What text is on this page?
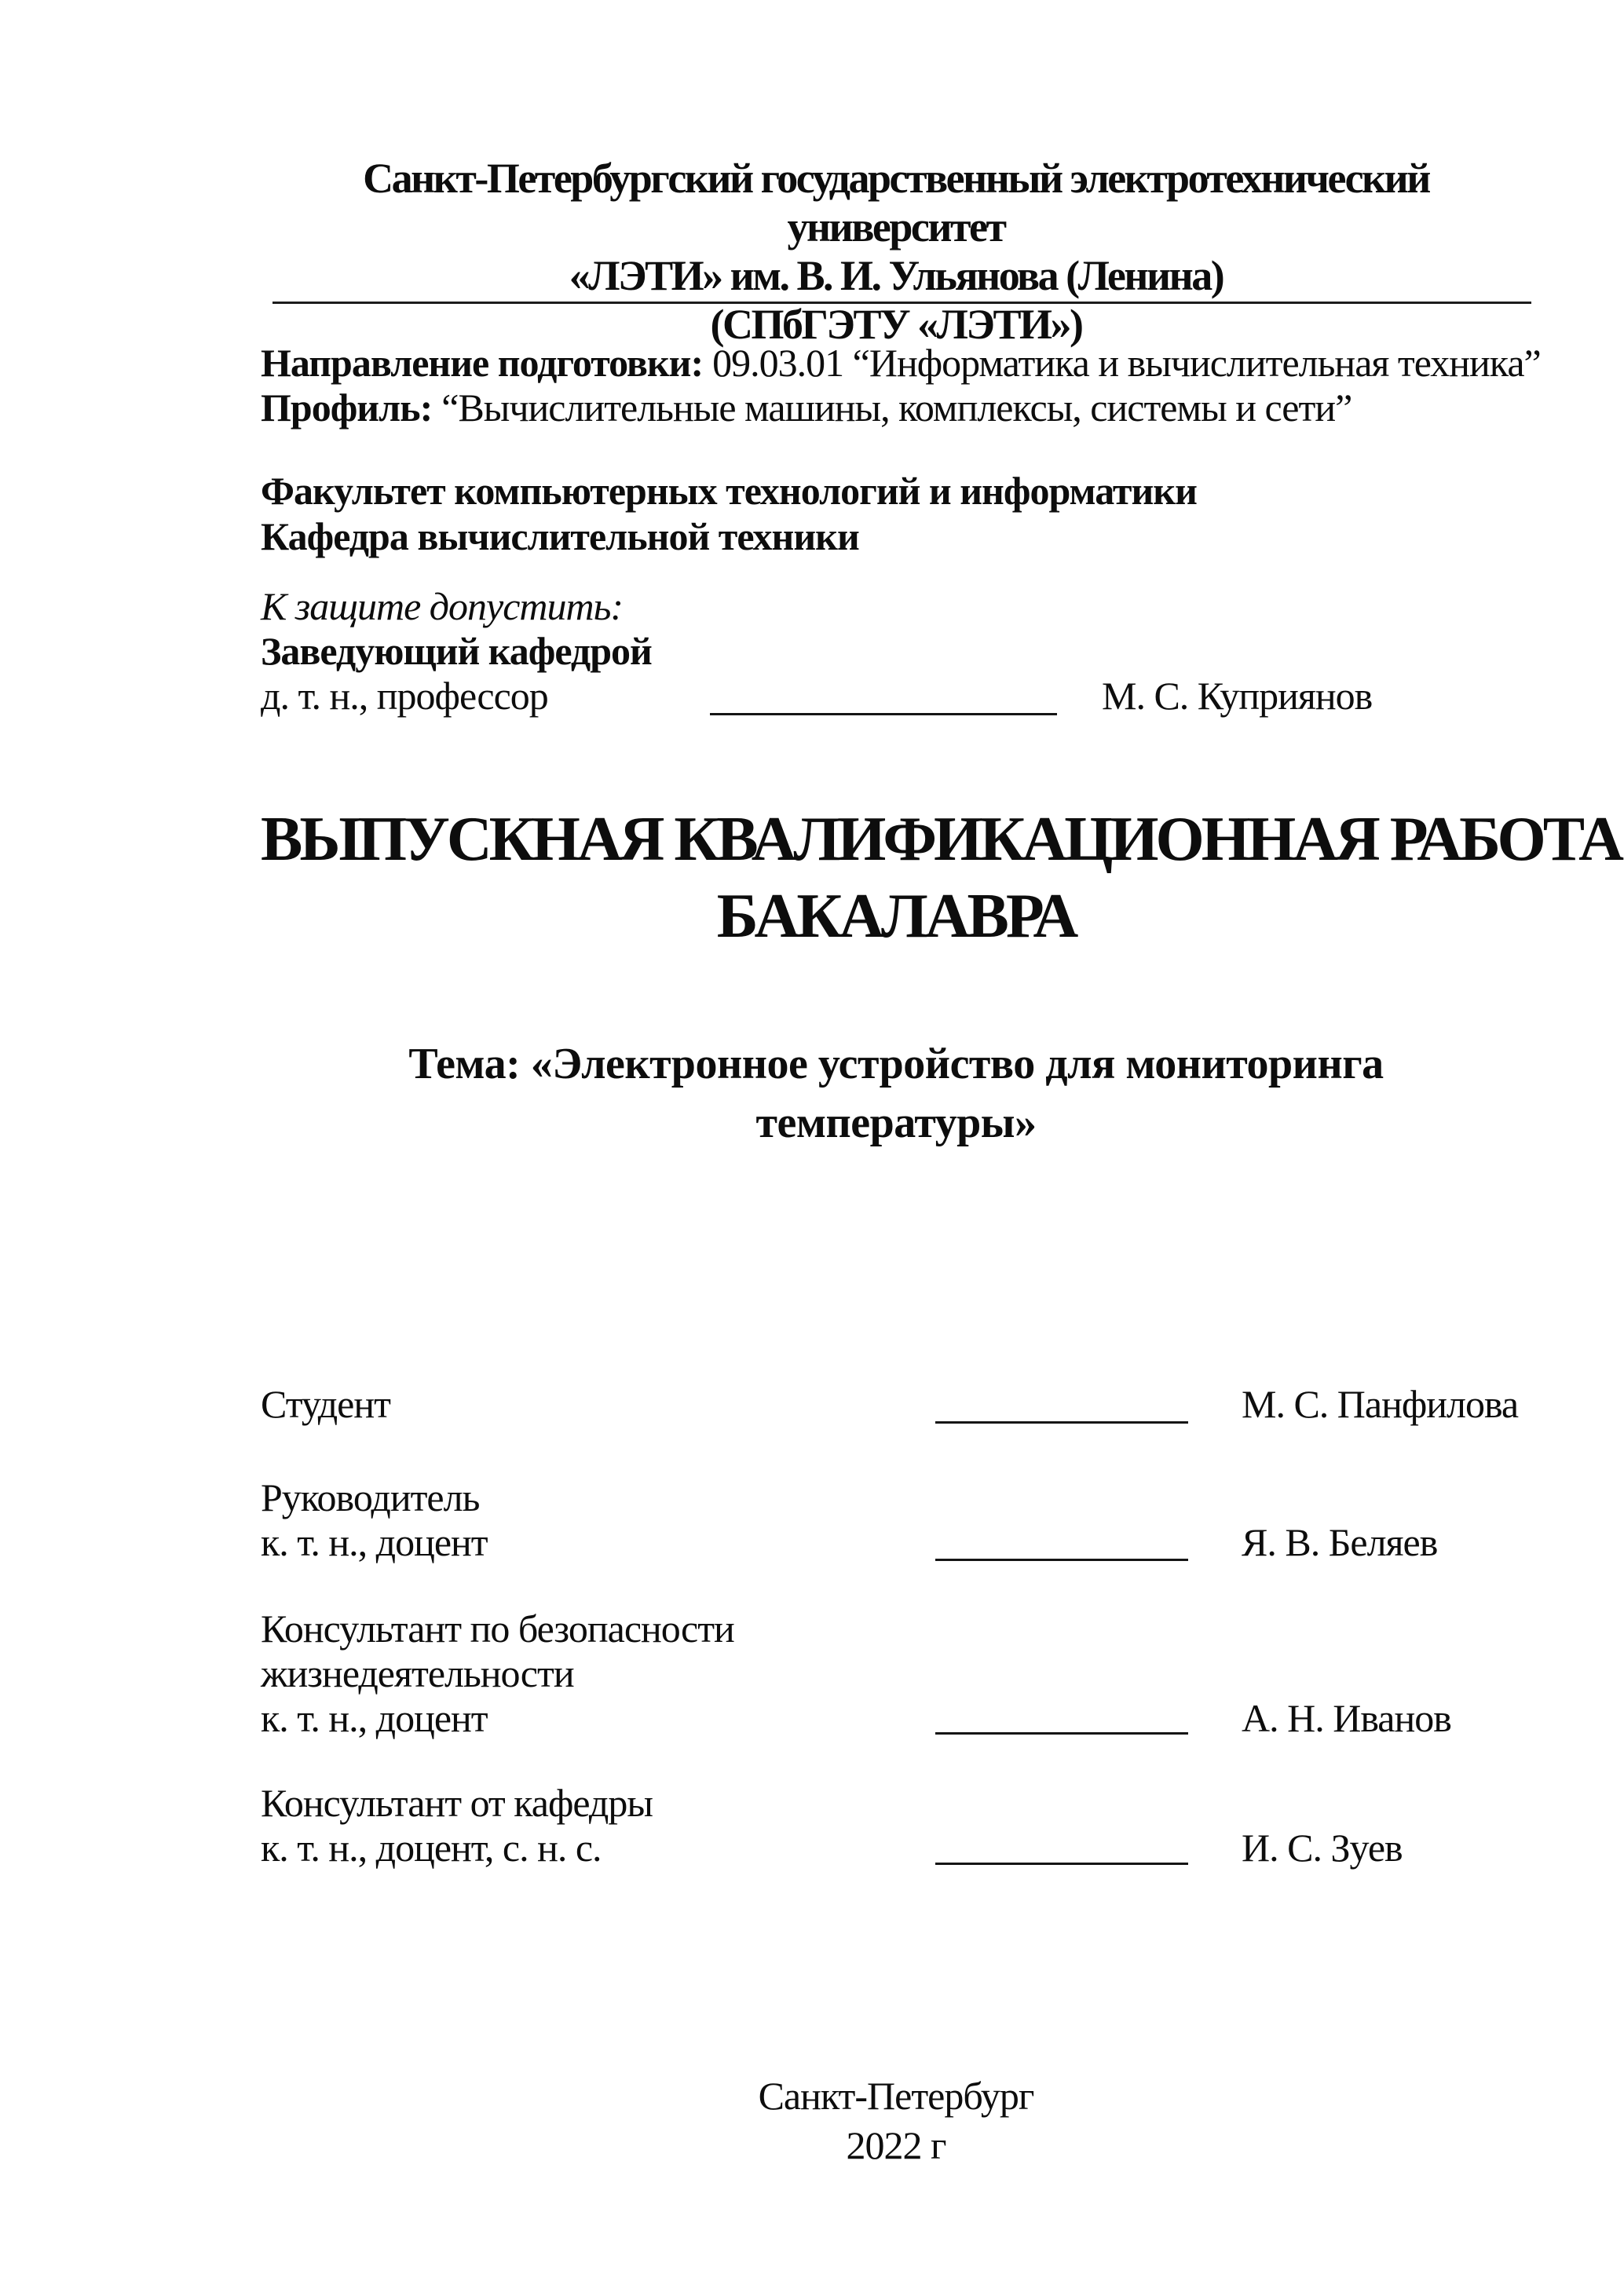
Санкт-Петербургский государственный электротехнический университет
«ЛЭТИ» им. В. И. Ульянова (Ленина)
(СПбГЭТУ «ЛЭТИ»)
Направление подготовки: 09.03.01 “Информатика и вычислительная техника”
Профиль: “Вычислительные машины, комплексы, системы и сети”
Факультет компьютерных технологий и информатики
Кафедра вычислительной техники
К защите допустить:
Заведующий кафедрой
д. т. н., профессор	М. С. Куприянов
ВЫПУСКНАЯ КВАЛИФИКАЦИОННАЯ РАБОТА
БАКАЛАВРА
Тема: «Электронное устройство для мониторинга
температуры»
Студент	М. С. Панфилова
Руководитель
к. т. н., доцент	Я. В. Беляев
Консультант по безопасности
жизнедеятельности
к. т. н., доцент	А. Н. Иванов
Консультант от кафедры
к. т. н., доцент, с. н. с.	И. С. Зуев
Санкт-Петербург
2022 г
